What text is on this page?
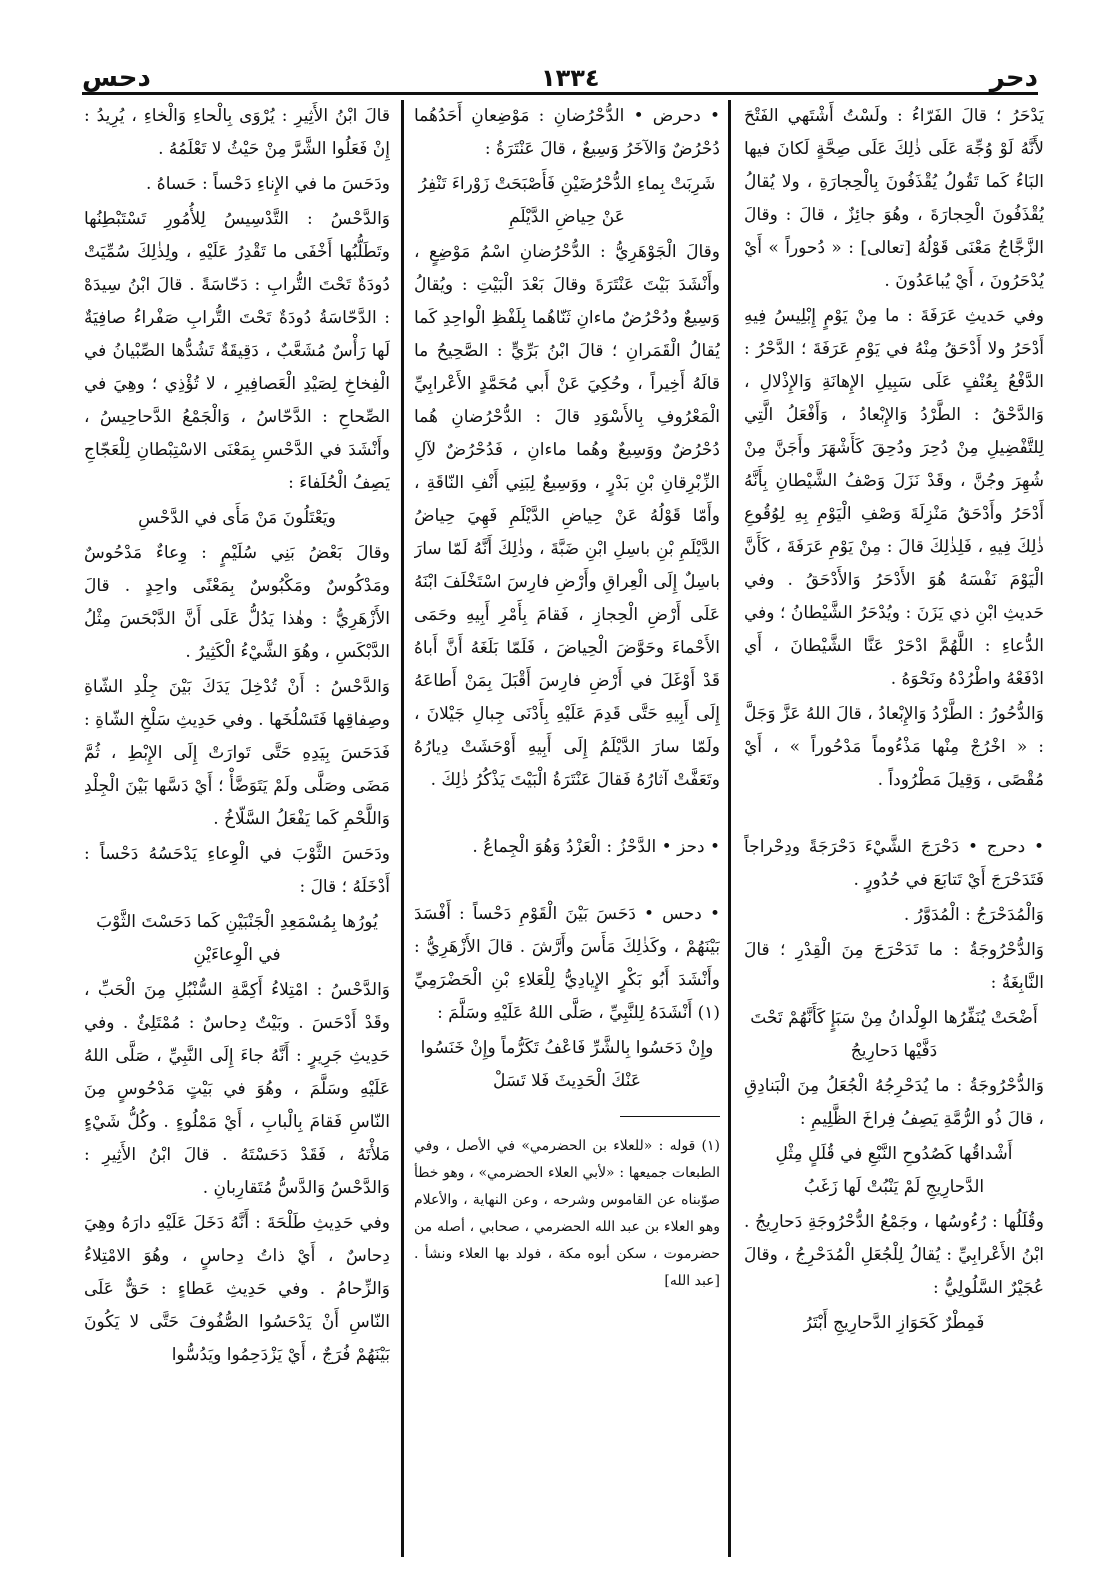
دحس	١٣٣٤	دحر

يَدْحَرُ ؛ قالَ الفَرّاءُ : ولَسْتُ أَشْتَهي الفَتْحَ لأَنَّهُ لَوْ وُجِّهَ عَلَى ذٰلِكَ عَلَى صِحَّةٍ لَكانَ فيها البَاءُ كَما تَقُولُ يُقْذَفُونَ بِالْحِجارَةِ ، ولا يُقالُ يُقْذَفُونَ الْحِجارَةَ ، وهُوَ جائِزٌ ، قالَ : وقالَ الزَّجَّاجُ مَعْنَى قَوْلُهُ [تعالى] : « دُحوراً » أَيْ يُدْحَرُونَ ، أَيْ يُباعَدُونَ .

وفي حَديثِ عَرَفَةَ : ما مِنْ يَوْمٍ إِبْلِيسُ فِيهِ أَدْحَرُ ولا أَدْحَقُ مِنْهُ في يَوْمِ عَرَفَةَ ؛ الدَّحْرُ : الدَّفْعُ بِعُنْفٍ عَلَى سَبِيلِ الإِهانَةِ وَالإِذْلالِ ، وَالدَّحْقُ : الطَّرْدُ وَالإِبْعادُ ، وَأَفْعَلُ الَّتِي لِلتَّفْضِيلِ مِنْ دُحِرَ ودُحِقَ كَأَشْهَرَ وأَجَنَّ مِنْ شُهِرَ وجُنَّ ، وقَدْ نَزَلَ وَصْفُ الشَّيْطانِ بِأَنَّهُ أَدْحَرُ وأَدْحَقُ مَنْزِلَةَ وَصْفِ الْيَوْمِ بِهِ لِوُقُوعِ ذٰلِكَ فِيهِ ، فَلِذٰلِكَ قالَ : مِنْ يَوْمِ عَرَفَةَ ، كَأَنَّ الْيَوْمَ نَفْسَهُ هُوَ الأَدْحَرُ وَالأَدْحَقُ . وفي حَديثِ ابْنِ ذي يَزَنَ : ويُدْحَرُ الشَّيْطانُ ؛ وفي الدُّعاءِ : اللَّهُمَّ ادْحَرْ عَنَّا الشَّيْطانَ ، أَي ادْفَعْهُ واطْرُدْهُ ونَحْوَهُ .

وَالدُّحُورُ : الطَّرْدُ وَالإِبْعادُ ، قالَ اللهُ عَزَّ وَجَلَّ : « اخْرُجْ مِنْها مَذْءُوماً مَدْحُوراً » ، أَيْ مُقْصًى ، وَقِيلَ مَطْرُوداً .

• دحرج • دَحْرَجَ الشَّيْءَ دَحْرَجَةً ودِحْراجاً فَتَدَحْرَجَ أَيْ تَتابَعَ في حُدُورٍ .

وَالْمُدَحْرَجُ : الْمُدَوَّرُ .

وَالدُّحْرُوجَةُ : ما تَدَحْرَجَ مِنَ الْقِدْرِ ؛ قالَ النَّابِغَةُ :

أَضْحَتْ يُنَفِّرُها الوِلْدانُ مِنْ سَبَإٍ كَأَنَّهُمْ تَحْتَ دَفَّيْها دَحارِيجُ

وَالدُّحْرُوجَةُ : ما يُدَحْرِجُهُ الْجُعَلُ مِنَ الْبَنادِقِ ، قالَ ذُو الرُّمَّةِ يَصِفُ فِراخَ الظَّلِيمِ :

أَشْداقُها كَصُدُوحِ النَّبْعِ في قُلَلٍ مِثْلِ الدَّحارِيجِ لَمْ يَنْبُتْ لَها زَغَبُ

وقُلَلُها : رُءُوسُها ، وجَمْعُ الدُّحْرُوجَةِ دَحارِيجُ . ابْنُ الأَعْرابِيِّ : يُقالُ لِلْجُعَلِ الْمُدَحْرِجُ ، وقالَ عُجَيْرٌ السَّلُولِيُّ :

فَمِطْرٌ كَحَوَازِ الدَّحارِيجِ أَبْتَرُ

• دحرض • الدُّحْرُضانِ : مَوْضِعانِ أَحَدُهُما دُحْرُضٌ وَالآخَرُ وَسِيعٌ ، قالَ عَنْتَرَةُ :

شَرِبَتْ بِماءِ الدُّحْرُضَيْنِ فَأَصْبَحَتْ زَوْراءَ تَنْفِرُ عَنْ حِياضِ الدَّيْلَمِ

وقالَ الْجَوْهَرِيُّ : الدُّحْرُضانِ اسْمُ مَوْضِعٍ ، وأَنْشَدَ بَيْتَ عَنْتَرَةَ وقالَ بَعْدَ الْبَيْتِ : ويُقالُ وَسِيعٌ ودُحْرُضٌ ماءانِ ثَنّاهُما بِلَفْظِ الْواحِدِ كَما يُقالُ الْقَمَرانِ ؛ قالَ ابْنُ بَرِّيٍّ : الصَّحِيحُ ما قالَهُ أَخِيراً ، وحُكِيَ عَنْ أَبي مُحَمَّدٍ الأَعْرابِيِّ الْمَعْرُوفِ بِالأَسْوَدِ قالَ : الدُّحْرُضانِ هُما دُحْرُضٌ ووَسِيعٌ وهُما ماءانِ ، فَدُحْرُضٌ لآلِ الزِّبْرِقانِ بْنِ بَدْرٍ ، ووَسِيعٌ لِبَنِي أَنْفِ النّاقَةِ ، وأَمّا قَوْلُهُ عَنْ حِياضِ الدَّيْلَمِ فَهِيَ حِياضُ الدَّيْلَمِ بْنِ باسِلِ ابْنِ ضَبَّةَ ، وذٰلِكَ أَنَّهُ لَمّا سارَ باسِلٌ إِلَى الْعِراقِ وأَرْضِ فارِسَ اسْتَخْلَفَ ابْنَهُ عَلَى أَرْضِ الْحِجازِ ، فَقامَ بِأَمْرِ أَبِيهِ وحَمَى الأَحْماءَ وحَوَّضَ الْحِياضَ ، فَلَمّا بَلَغَهُ أَنَّ أَباهُ قَدْ أَوْغَلَ في أَرْضِ فارِسَ أَقْبَلَ بِمَنْ أَطاعَهُ إِلَى أَبِيهِ حَتَّى قَدِمَ عَلَيْهِ بِأَدْنَى جِبالِ جَيْلانَ ، ولَمّا سارَ الدَّيْلَمُ إِلَى أَبِيهِ أَوْحَشَتْ دِيارُهُ وتَعَفَّتْ آثارُهُ فَقالَ عَنْتَرَةُ الْبَيْتَ يَذْكُرُ ذٰلِكَ .

• دحز • الدَّحْزُ : الْعَزْدُ وَهُوَ الْجِماعُ .

• دحس • دَحَسَ بَيْنَ الْقَوْمِ دَحْساً : أَفْسَدَ بَيْنَهُمْ ، وكَذٰلِكَ مَأَسَ وأَرَّشَ . قالَ الأَزْهَرِيُّ : وأَنْشَدَ أَبُو بَكْرٍ الإِيادِيُّ لِلْعَلاءِ بْنِ الْحَضْرَمِيِّ (١) أَنْشَدَهُ لِلنَّبِيِّ ، صَلَّى اللهُ عَلَيْهِ وسَلَّمَ :

وإِنْ دَحَسُوا بِالشَّرِّ فَاعْفُ تَكَرُّماً وإِنْ خَنَسُوا عَنْكَ الْحَدِيثَ فَلا تَسَلْ

(١) قوله : «للعلاء بن الحضرمي» في الأصل ، وفي الطبعات جميعها : «لأبي العلاء الحضرمي» ، وهو خطأ صوّبناه عن القاموس وشرحه ، وعن النهاية ، والأعلام وهو العلاء بن عبد الله الحضرمي ، صحابي ، أصله من حضرموت ، سكن أبوه مكة ، فولد بها العلاء ونشأ . [عبد الله]

قالَ ابْنُ الأَثِيرِ : يُرْوَى بِالْحاءِ وَالْخاءِ ، يُرِيدُ : إِنْ فَعَلُوا الشَّرَّ مِنْ حَيْثُ لا تَعْلَمُهُ .

ودَحَسَ ما في الإِناءِ دَحْساً : حَساهُ .

وَالدَّحْسُ : التَّدْسِيسُ لِلأُمُورِ تَسْتَبْطِنُها وتَطَلُّبُها أَخْفَى ما تَقْدِرُ عَلَيْهِ ، ولِذٰلِكَ سُمِّيَتْ دُودَةٌ تَحْتَ التُّرابِ : دَحّاسَةً . قالَ ابْنُ سِيدَهْ : الدَّحّاسَةُ دُودَةٌ تَحْتَ التُّرابِ صَفْراءُ صافِيَةٌ لَها رَأْسٌ مُشَعَّبٌ ، دَقِيقَةٌ تَشُدُّها الصِّبْيانُ في الْفِخاخِ لِصَيْدِ الْعَصافِيرِ ، لا تُؤْذِي ؛ وهِيَ في الصِّحاحِ : الدَّحّاسُ ، وَالْجَمْعُ الدَّحاحِيسُ ، وأَنْشَدَ في الدَّحْسِ بِمَعْنَى الاسْتِبْطانِ لِلْعَجّاجِ يَصِفُ الْحُلَفاءَ :

ويَعْتَلُونَ مَنْ مَأَى في الدَّحْسِ

وقالَ بَعْضُ بَنِي سُلَيْمٍ : وِعاءٌ مَدْحُوسٌ ومَدْكُوسٌ ومَكْبُوسٌ بِمَعْنًى واحِدٍ . قالَ الأَزْهَرِيُّ : وهٰذا يَدُلُّ عَلَى أَنَّ الدَّبْحَسَ مِثْلُ الدَّبْكَسِ ، وهُوَ الشَّيْءُ الْكَثِيرُ .

وَالدَّحْسُ : أَنْ تُدْخِلَ يَدَكَ بَيْنَ جِلْدِ الشّاةِ وصِفاقِها فَتَسْلُخَها . وفي حَدِيثِ سَلْخِ الشّاةِ : فَدَحَسَ بِيَدِهِ حَتَّى تَوارَتْ إِلَى الإِبْطِ ، ثُمَّ مَضَى وصَلَّى ولَمْ يَتَوَضَّأْ ؛ أَيْ دَسَّها بَيْنَ الْجِلْدِ وَاللَّحْمِ كَما يَفْعَلُ السَّلّاخُ .

ودَحَسَ الثَّوْبَ في الْوِعاءِ يَدْحَسُهُ دَحْساً : أَدْخَلَهُ ؛ قالَ :

يُورُها بِمُسْمَعِدِ الْجَنْبَيْنِ كَما دَحَسْتَ الثَّوْبَ في الْوِعاءَيْنِ

وَالدَّحْسُ : امْتِلاءُ أَكِمَّةِ السُّنْبُلِ مِنَ الْحَبِّ ، وقَدْ أَدْحَسَ . وبَيْتٌ دِحاسٌ : مُمْتَلِئٌ . وفي حَدِيثِ جَرِيرٍ : أَنَّهُ جاءَ إِلَى النَّبِيِّ ، صَلَّى اللهُ عَلَيْهِ وسَلَّمَ ، وهُوَ في بَيْتٍ مَدْحُوسٍ مِنَ النّاسِ فَقامَ بِالْبابِ ، أَيْ مَمْلُوءٍ . وكُلُّ شَيْءٍ مَلأْتَهُ ، فَقَدْ دَحَسْتَهُ . قالَ ابْنُ الأَثِيرِ : وَالدَّحْسُ وَالدَّسُّ مُتَقارِبانِ .

وفي حَدِيثِ طَلْحَةَ : أَنَّهُ دَخَلَ عَلَيْهِ دارَهُ وهِيَ دِحاسٌ ، أَيْ ذاتُ دِحاسٍ ، وهُوَ الامْتِلاءُ وَالزِّحامُ . وفي حَدِيثِ عَطاءٍ : حَقٌّ عَلَى النّاسِ أَنْ يَدْحَسُوا الصُّفُوفَ حَتَّى لا يَكُونَ بَيْنَهُمْ فُرَجٌ ، أَيْ يَزْدَحِمُوا ويَدُسُّوا
